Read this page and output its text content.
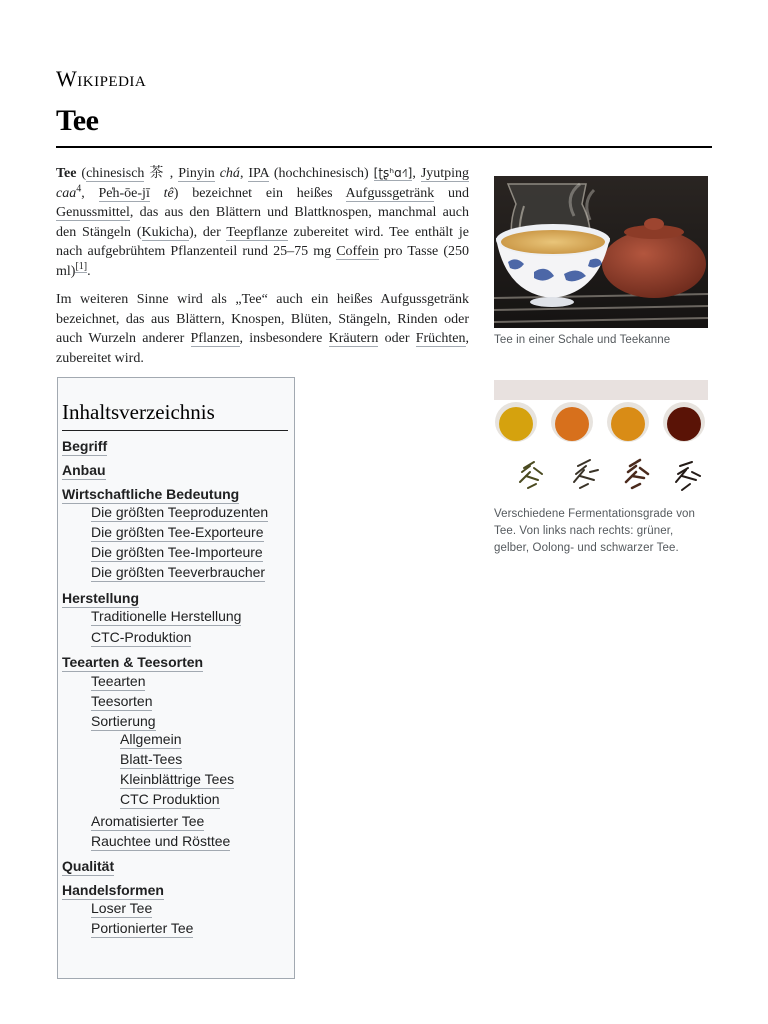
Wikipedia
Tee

Tee (chinesisch 茶 , Pinyin chá, IPA (hochchinesisch) [ʈʂʰɑ˧˥], Jyutping caa$^4$, Pe̍h-ōe-jī tê) bezeichnet ein heißes Aufgussgetränk und Genussmittel, das aus den Blättern und Blattknospen, manchmal auch den Stängeln (Kukicha), der Teepflanze zubereitet wird. Tee enthält je nach aufgebrühtem Pflanzenteil rund 25–75 mg Coffein pro Tasse (250 ml)[1].

Im weiteren Sinne wird als „Tee“ auch ein heißes Aufgussgetränk bezeichnet, das aus Blättern, Knospen, Blüten, Stängeln, Rinden oder auch Wurzeln anderer Pflanzen, insbesondere Kräutern oder Früchten, zubereitet wird.

Tee in einer Schale und Teekanne
Verschiedene Fermentationsgrade von Tee. Von links nach rechts: grüner, gelber, Oolong- und schwarzer Tee.
Inhaltsverzeichnis
Begriff
Anbau
Wirtschaftliche Bedeutung
Die größten Teeproduzenten
Die größten Tee-Exporteure
Die größten Tee-Importeure
Die größten Teeverbraucher
Herstellung
Traditionelle Herstellung
CTC-Produktion
Teearten & Teesorten
Teearten
Teesorten
Sortierung
Allgemein
Blatt-Tees
Kleinblättrige Tees
CTC Produktion
Aromatisierter Tee
Rauchtee und Rösttee
Qualität
Handelsformen
Loser Tee
Portionierter Tee
